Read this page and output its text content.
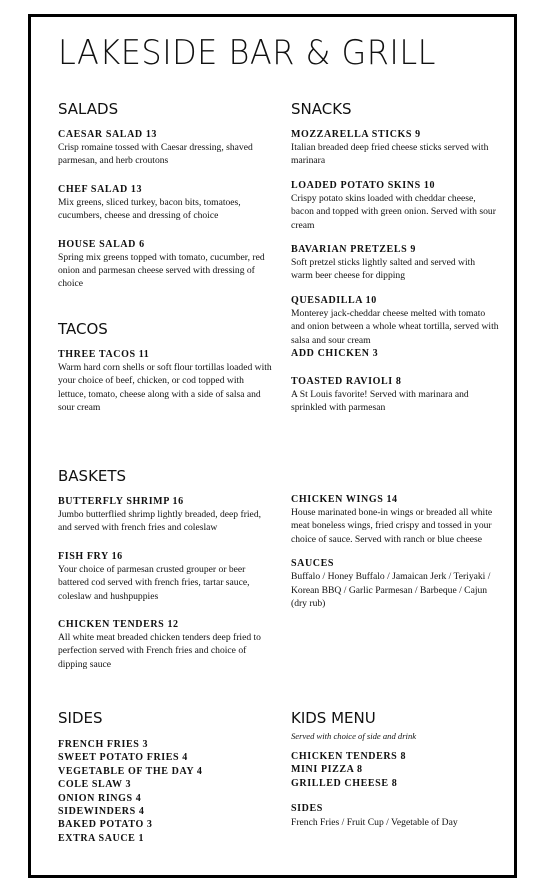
LAKESIDE BAR & GRILL
SALADS
CAESAR SALAD 13
Crisp romaine tossed with Caesar dressing, shaved parmesan, and herb croutons
CHEF SALAD 13
Mix greens, sliced turkey, bacon bits, tomatoes, cucumbers, cheese and dressing of choice
HOUSE SALAD 6
Spring mix greens topped with tomato, cucumber, red onion and parmesan cheese served with dressing of choice
TACOS
THREE TACOS 11
Warm hard corn shells or soft flour tortillas loaded with your choice of beef, chicken, or cod topped with lettuce, tomato, cheese along with a side of salsa and sour cream
SNACKS
MOZZARELLA STICKS 9
Italian breaded deep fried cheese sticks served with marinara
LOADED POTATO SKINS 10
Crispy potato skins loaded with cheddar cheese, bacon and topped with green onion. Served with sour cream
BAVARIAN PRETZELS 9
Soft pretzel sticks lightly salted and served with warm beer cheese for dipping
QUESADILLA 10
Monterey jack-cheddar cheese melted with tomato and onion between a whole wheat tortilla, served with salsa and sour cream
ADD CHICKEN 3
TOASTED RAVIOLI 8
A St Louis favorite! Served with marinara and sprinkled with parmesan
BASKETS
BUTTERFLY SHRIMP 16
Jumbo butterflied shrimp lightly breaded, deep fried, and served with french fries and coleslaw
FISH FRY 16
Your choice of parmesan crusted grouper or beer battered cod served with french fries, tartar sauce, coleslaw and hushpuppies
CHICKEN TENDERS 12
All white meat breaded chicken tenders deep fried to perfection served with French fries and choice of dipping sauce
CHICKEN WINGS 14
House marinated bone-in wings or breaded all white meat boneless wings, fried crispy and tossed in your choice of sauce. Served with ranch or blue cheese
SAUCES
Buffalo / Honey Buffalo / Jamaican Jerk / Teriyaki / Korean BBQ / Garlic Parmesan / Barbeque / Cajun (dry rub)
SIDES
FRENCH FRIES 3
SWEET POTATO FRIES 4
VEGETABLE OF THE DAY 4
COLE SLAW 3
ONION RINGS 4
SIDEWINDERS 4
BAKED POTATO 3
EXTRA SAUCE 1
KIDS MENU
Served with choice of side and drink
CHICKEN TENDERS 8
MINI PIZZA 8
GRILLED CHEESE 8
SIDES
French Fries / Fruit Cup / Vegetable of Day
